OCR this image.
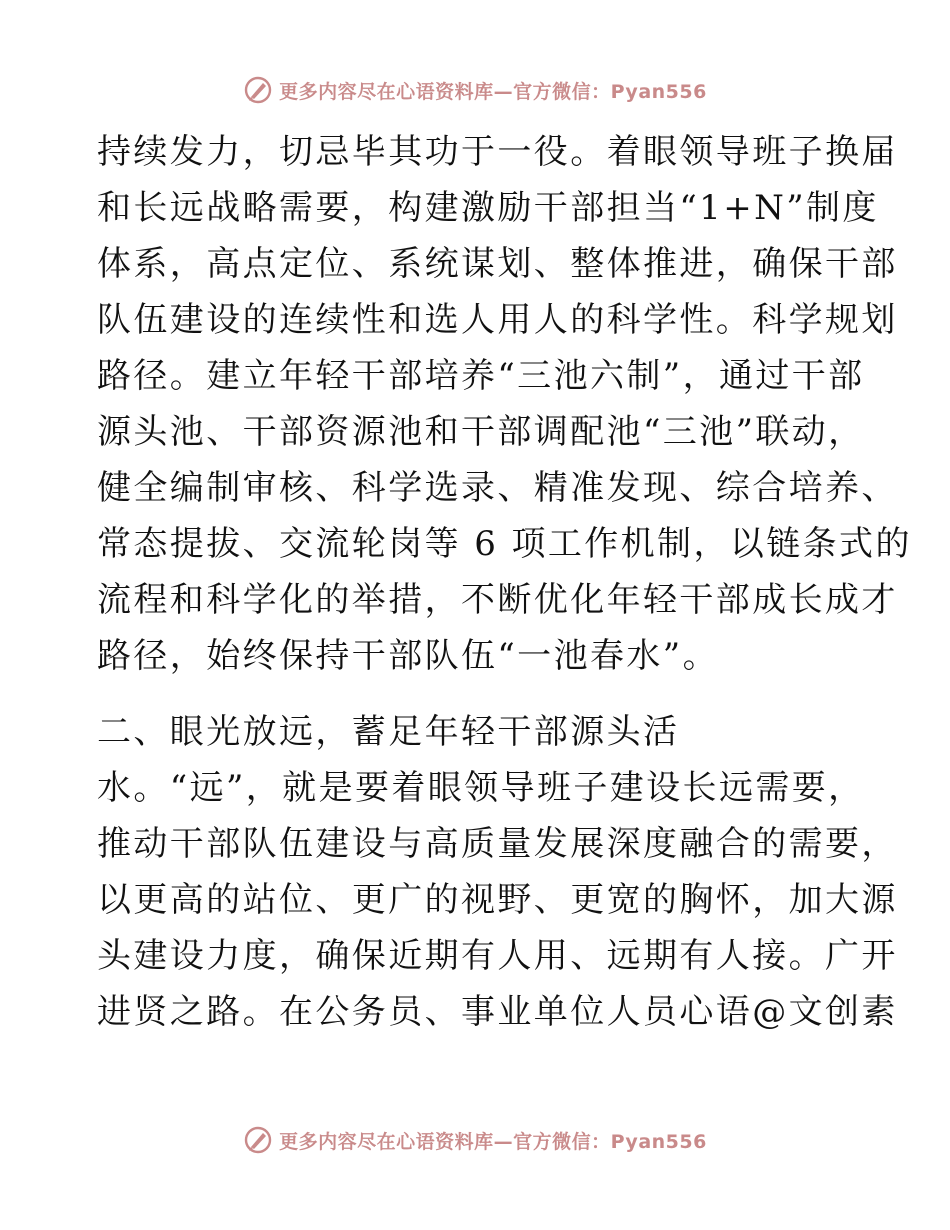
更多内容尽在心语资料库—官方微信：Pyan556
持续发力，切忌毕其功于一役。着眼领导班子换届
和长远战略需要，构建激励干部担当“1+N”制度
体系，高点定位、系统谋划、整体推进，确保干部
队伍建设的连续性和选人用人的科学性。科学规划
路径。建立年轻干部培养“三池六制”，通过干部
源头池、干部资源池和干部调配池“三池”联动，
健全编制审核、科学选录、精准发现、综合培养、
常态提拔、交流轮岗等 6 项工作机制，以链条式的
流程和科学化的举措，不断优化年轻干部成长成才
路径，始终保持干部队伍“一池春水”。
二、眼光放远，蓄足年轻干部源头活
水。“远”，就是要着眼领导班子建设长远需要，
推动干部队伍建设与高质量发展深度融合的需要，
以更高的站位、更广的视野、更宽的胸怀，加大源
头建设力度，确保近期有人用、远期有人接。广开
进贤之路。在公务员、事业单位人员心语@文创素
更多内容尽在心语资料库—官方微信：Pyan556
